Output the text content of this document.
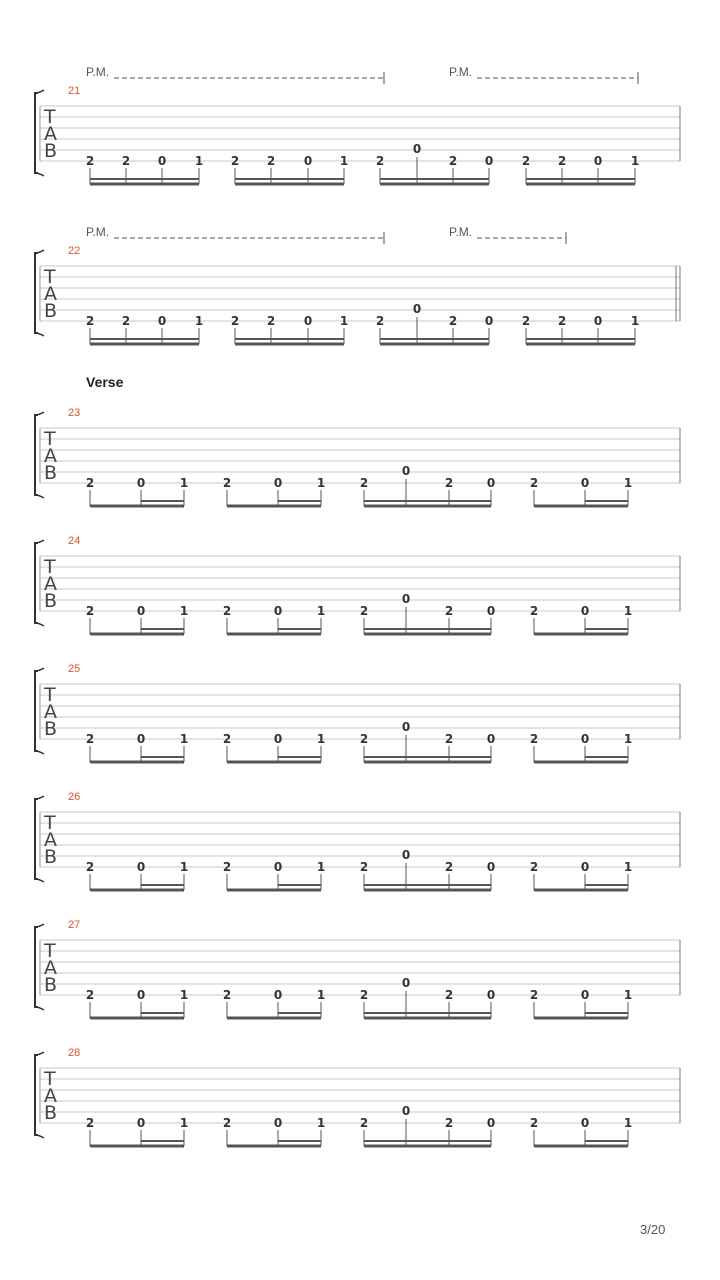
Verse
T
A
B
21
P.M.	P.M.
2 2 0 1 2 2 0 1 2
0
2 0 2 2 0 1
T
A
B
22
P.M.	P.M.
2 2 0 1 2 2 0 1 2
0
2 0 2 2 0 1
T
A
B
23
2	0	1	2	0	1	2
0
2	0	2	0	1
T
A
B
24
2	0	1	2	0	1	2
0
2	0	2	0	1
T
A
B
25
2	0	1	2	0	1	2
0
2	0	2	0	1
T
A
B
26
2	0	1	2	0	1	2
0
2	0	2	0	1
T
A
B
27
2	0	1	2	0	1	2
0
2	0	2	0	1
T
A
B
28
2	0	1	2	0	1	2
0
2	0	2	0	1
3/20
